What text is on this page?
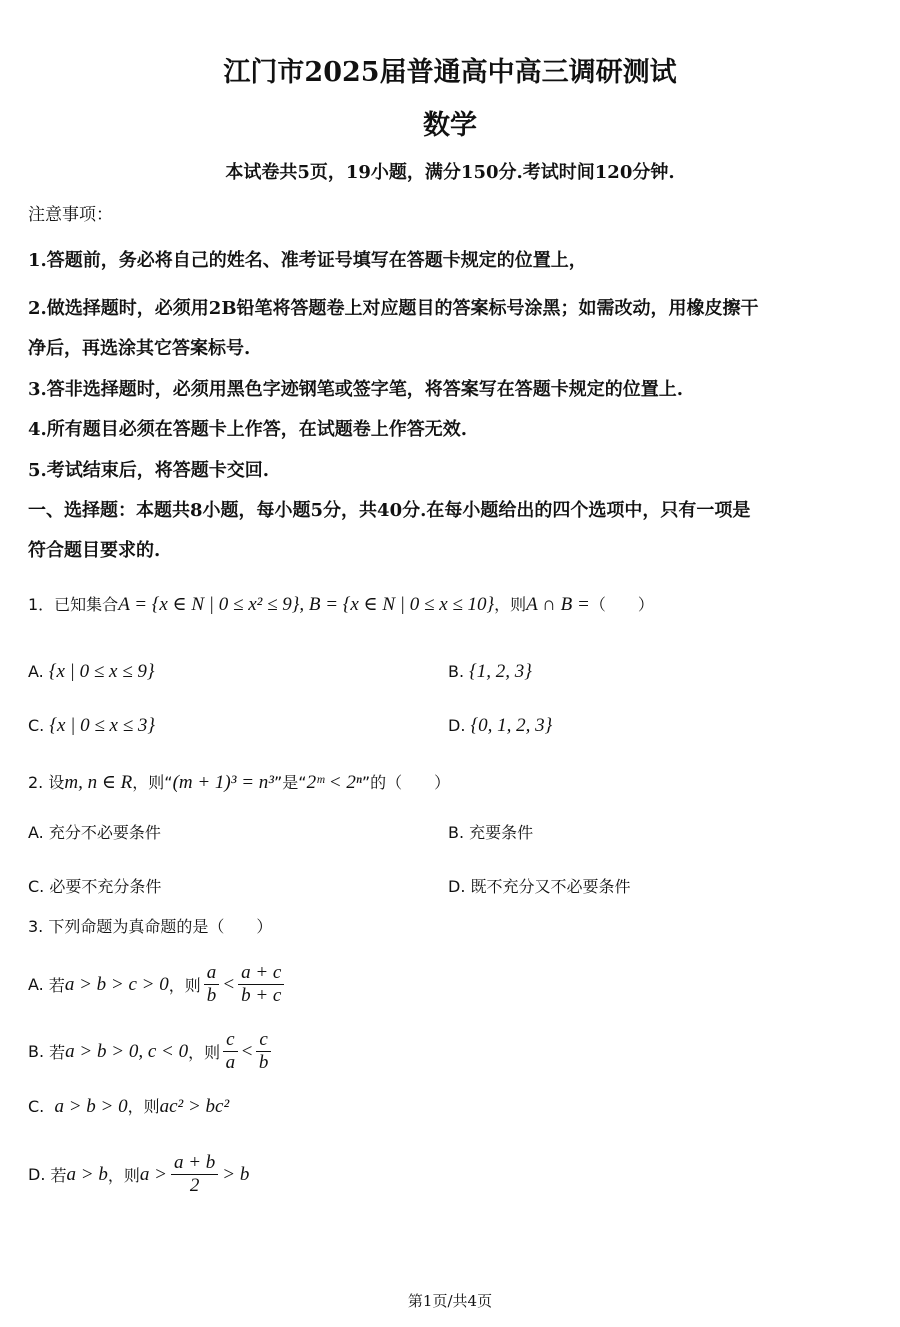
江门市2025届普通高中高三调研测试
数学
本试卷共5页，19小题，满分150分.考试时间120分钟.
注意事项：
1.答题前，务必将自己的姓名、准考证号填写在答题卡规定的位置上，
2.做选择题时，必须用2B铅笔将答题卷上对应题目的答案标号涂黑；如需改动，用橡皮擦干
净后，再选涂其它答案标号.
3.答非选择题时，必须用黑色字迹钢笔或签字笔，将答案写在答题卡规定的位置上.
4.所有题目必须在答题卡上作答，在试题卷上作答无效.
5.考试结束后，将答题卡交回.
一、选择题：本题共8小题，每小题5分，共40分.在每小题给出的四个选项中，只有一项是
符合题目要求的.
1．已知集合A = {x ∈ N | 0 ≤ x² ≤ 9}, B = {x ∈ N | 0 ≤ x ≤ 10}，则A ∩ B =（　　）
A. {x | 0 ≤ x ≤ 9}	B. {1, 2, 3}
C. {x | 0 ≤ x ≤ 3}	D. {0, 1, 2, 3}
2. 设m, n ∈ R，则“(m + 1)³ = n³”是“2ᵐ < 2ⁿ”的（　　）
A. 充分不必要条件	B. 充要条件
C. 必要不充分条件	D. 既不充分又不必要条件
3. 下列命题为真命题的是（　　）
A.
若 a > b > c > 0 ，则 $\frac{a}{b} < \frac{a + c}{b + c}$
B.
若 a > b > 0, c < 0 ，则 $\frac{c}{a} < \frac{c}{b}$
C. a > b > 0，则ac² > bc²
D.
若 a > b ，则 $a > \frac{a + b}{2} > b$
第1页/共4页
